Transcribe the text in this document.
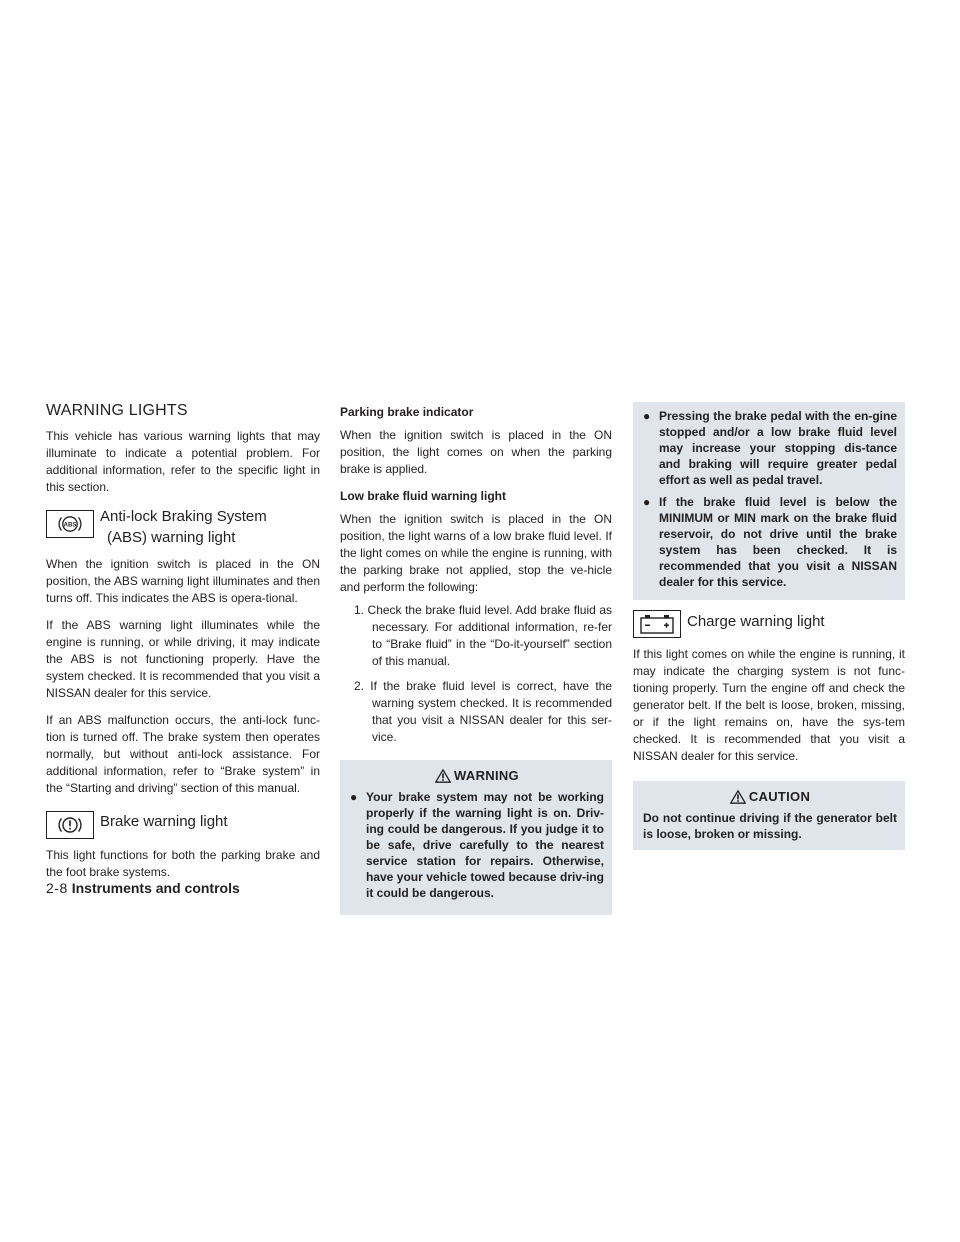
WARNING LIGHTS

This vehicle has various warning lights that may illuminate to indicate a potential problem. For additional information, refer to the specific light in this section.

ABS
Anti-lock Braking System
(ABS) warning light

When the ignition switch is placed in the ON position, the ABS warning light illuminates and then turns off. This indicates the ABS is opera-tional.

If the ABS warning light illuminates while the engine is running, or while driving, it may indicate the ABS is not functioning properly. Have the system checked. It is recommended that you visit a NISSAN dealer for this service.

If an ABS malfunction occurs, the anti-lock func-tion is turned off. The brake system then operates normally, but without anti-lock assistance. For additional information, refer to “Brake system” in the “Starting and driving” section of this manual.

Brake warning light

This light functions for both the parking brake and the foot brake systems.

Parking brake indicator

When the ignition switch is placed in the ON position, the light comes on when the parking brake is applied.

Low brake fluid warning light

When the ignition switch is placed in the ON position, the light warns of a low brake fluid level. If the light comes on while the engine is running, with the parking brake not applied, stop the ve-hicle and perform the following:

1. Check the brake fluid level. Add brake fluid as necessary. For additional information, re-fer to “Brake fluid” in the “Do-it-yourself” section of this manual.
2. If the brake fluid level is correct, have the warning system checked. It is recommended that you visit a NISSAN dealer for this ser-vice.
WARNING
● Your brake system may not be working properly if the warning light is on. Driv-ing could be dangerous. If you judge it to be safe, drive carefully to the nearest service station for repairs. Otherwise, have your vehicle towed because driv-ing it could be dangerous.
● Pressing the brake pedal with the en-gine stopped and/or a low brake fluid level may increase your stopping dis-tance and braking will require greater pedal effort as well as pedal travel.
● If the brake fluid level is below the MINIMUM or MIN mark on the brake fluid reservoir, do not drive until the brake system has been checked. It is recommended that you visit a NISSAN dealer for this service.
Charge warning light

If this light comes on while the engine is running, it may indicate the charging system is not func-tioning properly. Turn the engine off and check the generator belt. If the belt is loose, broken, missing, or if the light remains on, have the sys-tem checked. It is recommended that you visit a NISSAN dealer for this service.

CAUTION

Do not continue driving if the generator belt is loose, broken or missing.

2-8 Instruments and controls
